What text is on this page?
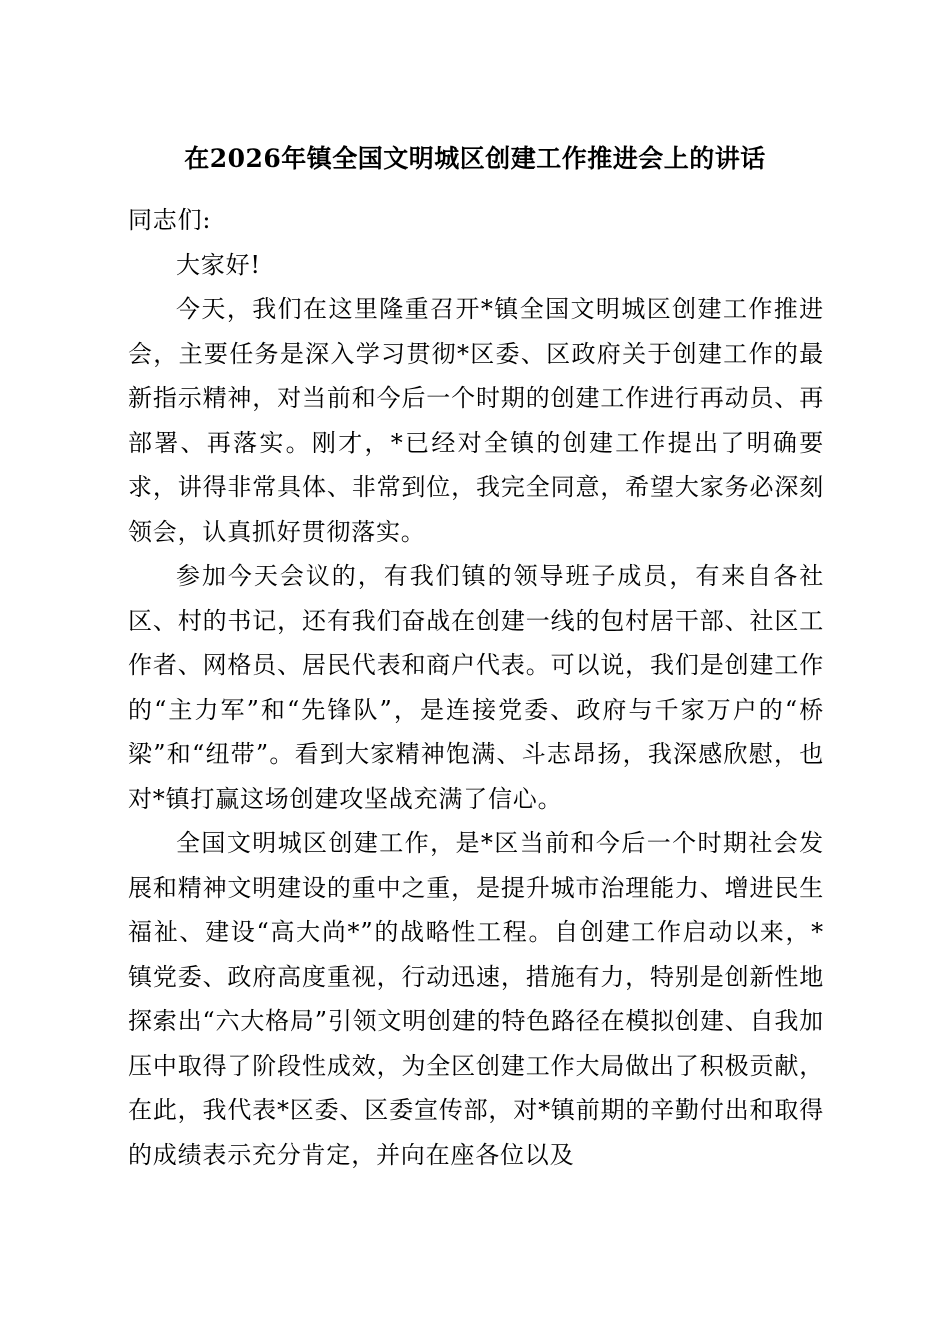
在2026年镇全国文明城区创建工作推进会上的讲话

同志们:

大家好!

今天，我们在这里隆重召开*镇全国文明城区创建工作推进会，主要任务是深入学习贯彻*区委、区政府关于创建工作的最新指示精神，对当前和今后一个时期的创建工作进行再动员、再部署、再落实。刚才，*已经对全镇的创建工作提出了明确要求，讲得非常具体、非常到位，我完全同意，希望大家务必深刻领会，认真抓好贯彻落实。

参加今天会议的，有我们镇的领导班子成员，有来自各社区、村的书记，还有我们奋战在创建一线的包村居干部、社区工作者、网格员、居民代表和商户代表。可以说，我们是创建工作的“主力军”和“先锋队”，是连接党委、政府与千家万户的“桥梁”和“纽带”。看到大家精神饱满、斗志昂扬，我深感欣慰，也对*镇打赢这场创建攻坚战充满了信心。

全国文明城区创建工作，是*区当前和今后一个时期社会发展和精神文明建设的重中之重，是提升城市治理能力、增进民生福祉、建设“高大尚*”的战略性工程。自创建工作启动以来，*镇党委、政府高度重视，行动迅速，措施有力，特别是创新性地探索出“六大格局”引领文明创建的特色路径在模拟创建、自我加压中取得了阶段性成效，为全区创建工作大局做出了积极贡献，在此，我代表*区委、区委宣传部，对*镇前期的辛勤付出和取得的成绩表示充分肯定，并向在座各位以及
